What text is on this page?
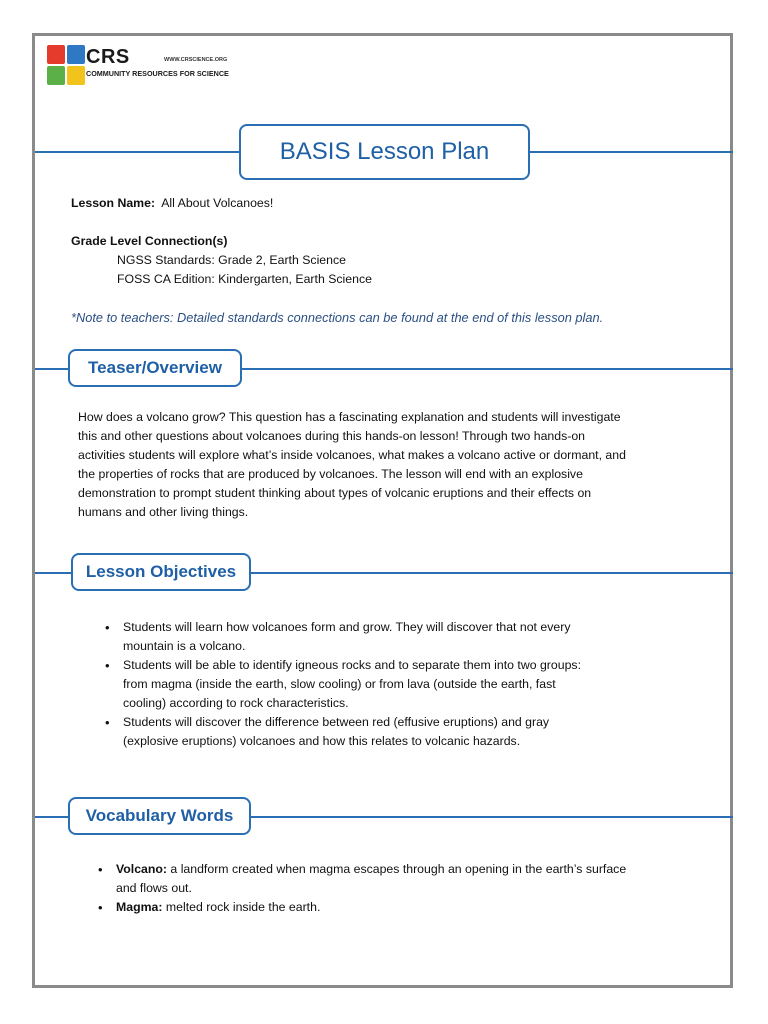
CRS	WWW.CRSCIENCE.ORG
COMMUNITY RESOURCES FOR SCIENCE
BASIS Lesson Plan
Lesson Name: All About Volcanoes!
Grade Level Connection(s)
NGSS Standards: Grade 2, Earth Science
FOSS CA Edition: Kindergarten, Earth Science
*Note to teachers: Detailed standards connections can be found at the end of this lesson plan.
Teaser/Overview
How does a volcano grow? This question has a fascinating explanation and students will investigate
this and other questions about volcanoes during this hands-on lesson! Through two hands-on
activities students will explore what’s inside volcanoes, what makes a volcano active or dormant, and
the properties of rocks that are produced by volcanoes. The lesson will end with an explosive
demonstration to prompt student thinking about types of volcanic eruptions and their effects on
humans and other living things.
Lesson Objectives
• Students will learn how volcanoes form and grow. They will discover that not every
mountain is a volcano.
• Students will be able to identify igneous rocks and to separate them into two groups:
from magma (inside the earth, slow cooling) or from lava (outside the earth, fast
cooling) according to rock characteristics.
• Students will discover the difference between red (effusive eruptions) and gray
(explosive eruptions) volcanoes and how this relates to volcanic hazards.
Vocabulary Words
• Volcano: a landform created when magma escapes through an opening in the earth’s surface
and flows out.
• Magma: melted rock inside the earth.
